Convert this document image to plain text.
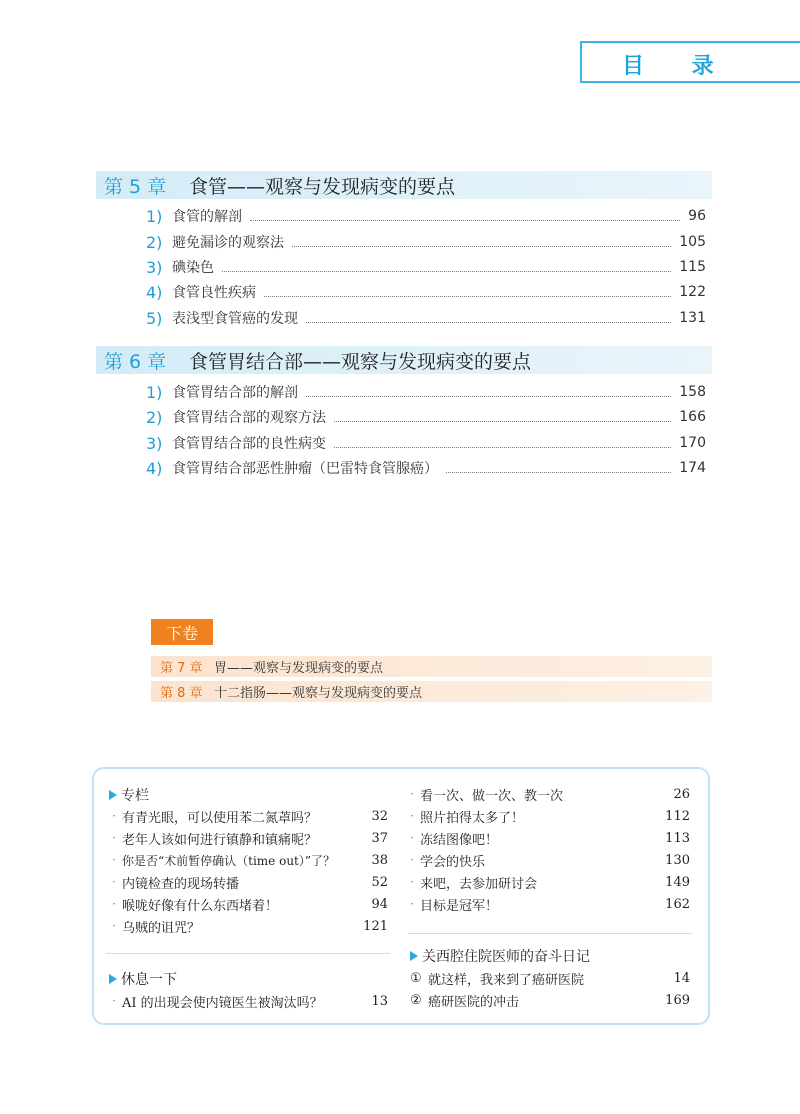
目 录
第 5 章 食管——观察与发现病变的要点
1) 食管的解剖	96
2) 避免漏诊的观察法	105
3) 碘染色	115
4) 食管良性疾病	122
5) 表浅型食管癌的发现	131
第 6 章 食管胃结合部——观察与发现病变的要点
1) 食管胃结合部的解剖	158
2) 食管胃结合部的观察方法	166
3) 食管胃结合部的良性病变	170
4) 食管胃结合部恶性肿瘤（巴雷特食管腺癌）	174
下卷
第 7 章 胃——观察与发现病变的要点
第 8 章 十二指肠——观察与发现病变的要点
专栏
· 有青光眼，可以使用苯二氮䓬吗？	32
· 老年人该如何进行镇静和镇痛呢？	37
· 你是否“术前暂停确认（time out）”了？	38
· 内镜检查的现场转播	52
· 喉咙好像有什么东西堵着！	94
· 乌贼的诅咒？	121
休息一下
· AI 的出现会使内镜医生被淘汰吗？	13
· 看一次、做一次、教一次	26
· 照片拍得太多了！	112
· 冻结图像吧！	113
· 学会的快乐	130
· 来吧，去参加研讨会	149
· 目标是冠军！	162
关西腔住院医师的奋斗日记
① 就这样，我来到了癌研医院	14
② 癌研医院的冲击	169
